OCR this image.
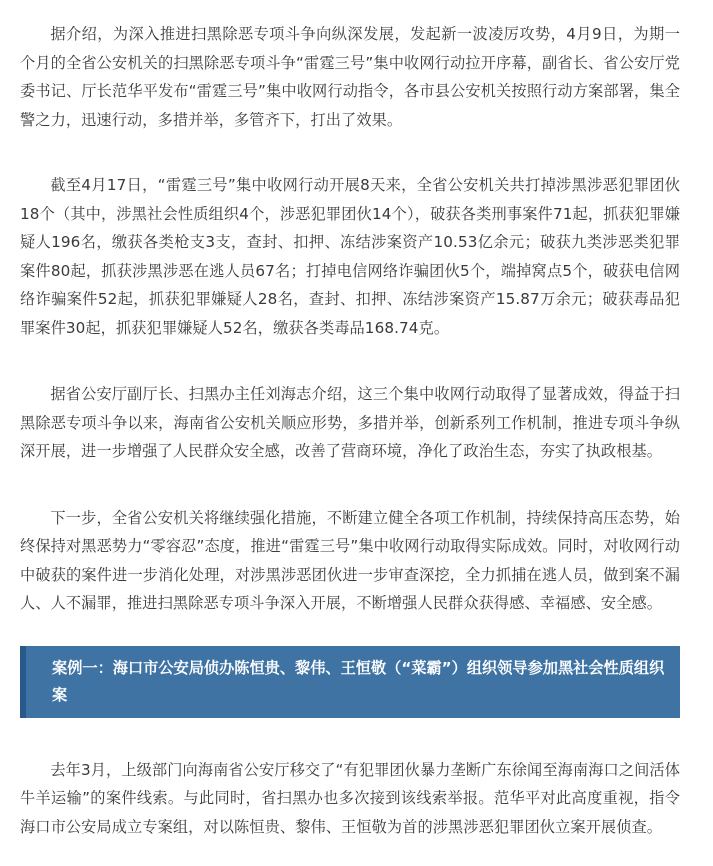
据介绍，为深入推进扫黑除恶专项斗争向纵深发展，发起新一波凌厉攻势，4月9日，为期一个月的全省公安机关的扫黑除恶专项斗争“雷霆三号”集中收网行动拉开序幕，副省长、省公安厅党委书记、厅长范华平发布“雷霆三号”集中收网行动指令，各市县公安机关按照行动方案部署，集全警之力，迅速行动，多措并举，多管齐下，打出了效果。

截至4月17日，“雷霆三号”集中收网行动开展8天来，全省公安机关共打掉涉黑涉恶犯罪团伙18个（其中，涉黑社会性质组织4个，涉恶犯罪团伙14个），破获各类刑事案件71起，抓获犯罪嫌疑人196名，缴获各类枪支3支，查封、扣押、冻结涉案资产10.53亿余元；破获九类涉恶类犯罪案件80起，抓获涉黑涉恶在逃人员67名；打掉电信网络诈骗团伙5个，端掉窝点5个，破获电信网络诈骗案件52起，抓获犯罪嫌疑人28名，查封、扣押、冻结涉案资产15.87万余元；破获毒品犯罪案件30起，抓获犯罪嫌疑人52名，缴获各类毒品168.74克。

据省公安厅副厅长、扫黑办主任刘海志介绍，这三个集中收网行动取得了显著成效，得益于扫黑除恶专项斗争以来，海南省公安机关顺应形势，多措并举，创新系列工作机制，推进专项斗争纵深开展，进一步增强了人民群众安全感，改善了营商环境，净化了政治生态，夯实了执政根基。

下一步，全省公安机关将继续强化措施，不断建立健全各项工作机制，持续保持高压态势，始终保持对黑恶势力“零容忍”态度，推进“雷霆三号”集中收网行动取得实际成效。同时，对收网行动中破获的案件进一步消化处理，对涉黑涉恶团伙进一步审查深挖，全力抓捕在逃人员，做到案不漏人、人不漏罪，推进扫黑除恶专项斗争深入开展，不断增强人民群众获得感、幸福感、安全感。

案例一：海口市公安局侦办陈恒贵、黎伟、王恒敬（“菜霸”）组织领导参加黑社会性质组织案

去年3月，上级部门向海南省公安厅移交了“有犯罪团伙暴力垄断广东徐闻至海南海口之间活体牛羊运输”的案件线索。与此同时，省扫黑办也多次接到该线索举报。范华平对此高度重视，指令海口市公安局成立专案组，对以陈恒贵、黎伟、王恒敬为首的涉黑涉恶犯罪团伙立案开展侦查。
